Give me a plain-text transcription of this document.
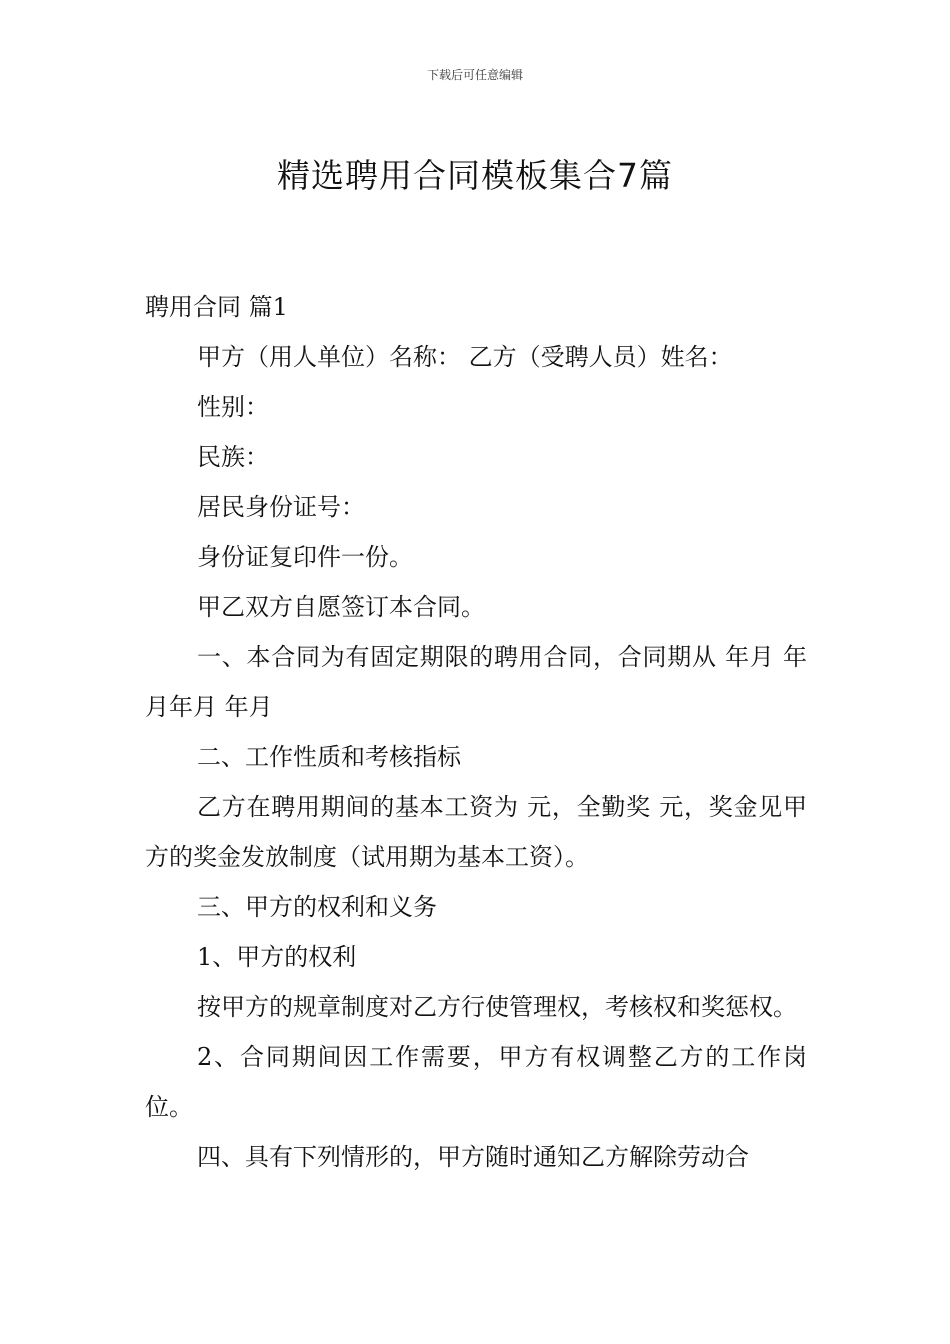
下载后可任意编辑
精选聘用合同模板集合7篇

聘用合同 篇1

甲方（用人单位）名称： 乙方（受聘人员）姓名：

性别：

民族：

居民身份证号：

身份证复印件一份。

甲乙双方自愿签订本合同。

一、本合同为有固定期限的聘用合同，合同期从 年月 年月年月 年月

二、工作性质和考核指标

乙方在聘用期间的基本工资为 元，全勤奖 元，奖金见甲方的奖金发放制度（试用期为基本工资）。

三、甲方的权利和义务

1、甲方的权利

按甲方的规章制度对乙方行使管理权，考核权和奖惩权。

2、合同期间因工作需要，甲方有权调整乙方的工作岗位。

四、具有下列情形的，甲方随时通知乙方解除劳动合
